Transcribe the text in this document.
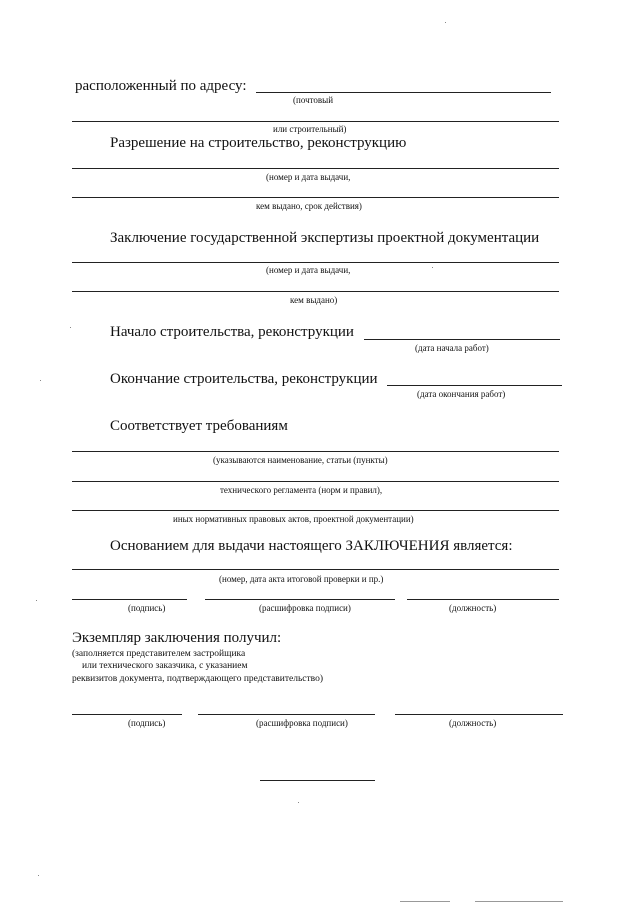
расположенный по адресу:
(почтовый
или строительный)
Разрешение на строительство, реконструкцию
(номер и дата выдачи,
кем выдано, срок действия)
Заключение государственной экспертизы проектной документации
(номер и дата выдачи,
кем выдано)
Начало строительства, реконструкции
(дата начала работ)
Окончание строительства, реконструкции
(дата окончания работ)
Соответствует требованиям
(указываются наименование, статьи (пункты)
технического регламента (норм и правил),
иных нормативных правовых актов, проектной документации)
Основанием для выдачи настоящего ЗАКЛЮЧЕНИЯ является:
(номер, дата акта итоговой проверки и пр.)
(подпись)	(расшифровка подписи)	(должность)
Экземпляр заключения получил:
(заполняется представителем застройщика
или технического заказчика, с указанием
реквизитов документа, подтверждающего представительство)
(подпись)	(расшифровка подписи)	(должность)
